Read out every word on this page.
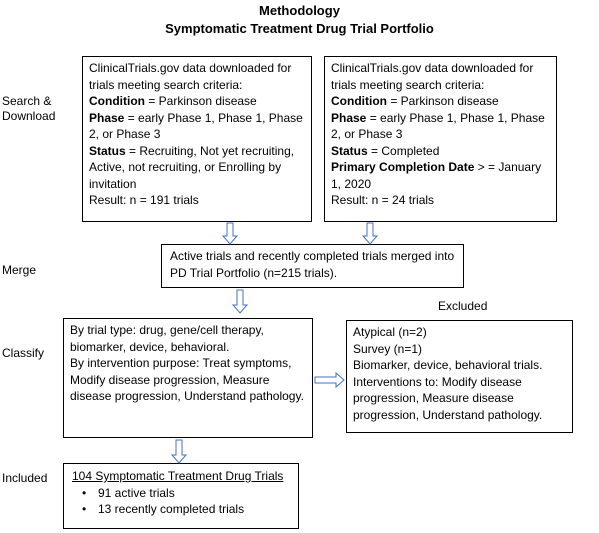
Methodology
Symptomatic Treatment Drug Trial Portfolio
Search &
Download
Merge
Classify
Included
ClinicalTrials.gov data downloaded for trials meeting search criteria:
Condition = Parkinson disease
Phase = early Phase 1, Phase 1, Phase 2, or Phase 3
Status = Recruiting, Not yet recruiting, Active, not recruiting, or Enrolling by invitation
Result: n = 191 trials
ClinicalTrials.gov data downloaded for trials meeting search criteria:
Condition = Parkinson disease
Phase = early Phase 1, Phase 1, Phase 2, or Phase 3
Status = Completed
Primary Completion Date > = January 1, 2020
Result: n = 24 trials
Active trials and recently completed trials merged into PD Trial Portfolio (n=215 trials).
Excluded
By trial type: drug, gene/cell therapy, biomarker, device, behavioral.
By intervention purpose: Treat symptoms, Modify disease progression, Measure disease progression, Understand pathology.
Atypical (n=2)
Survey (n=1)
Biomarker, device, behavioral trials.
Interventions to: Modify disease progression, Measure disease progression, Understand pathology.
104 Symptomatic Treatment Drug Trials
• 91 active trials
• 13 recently completed trials
